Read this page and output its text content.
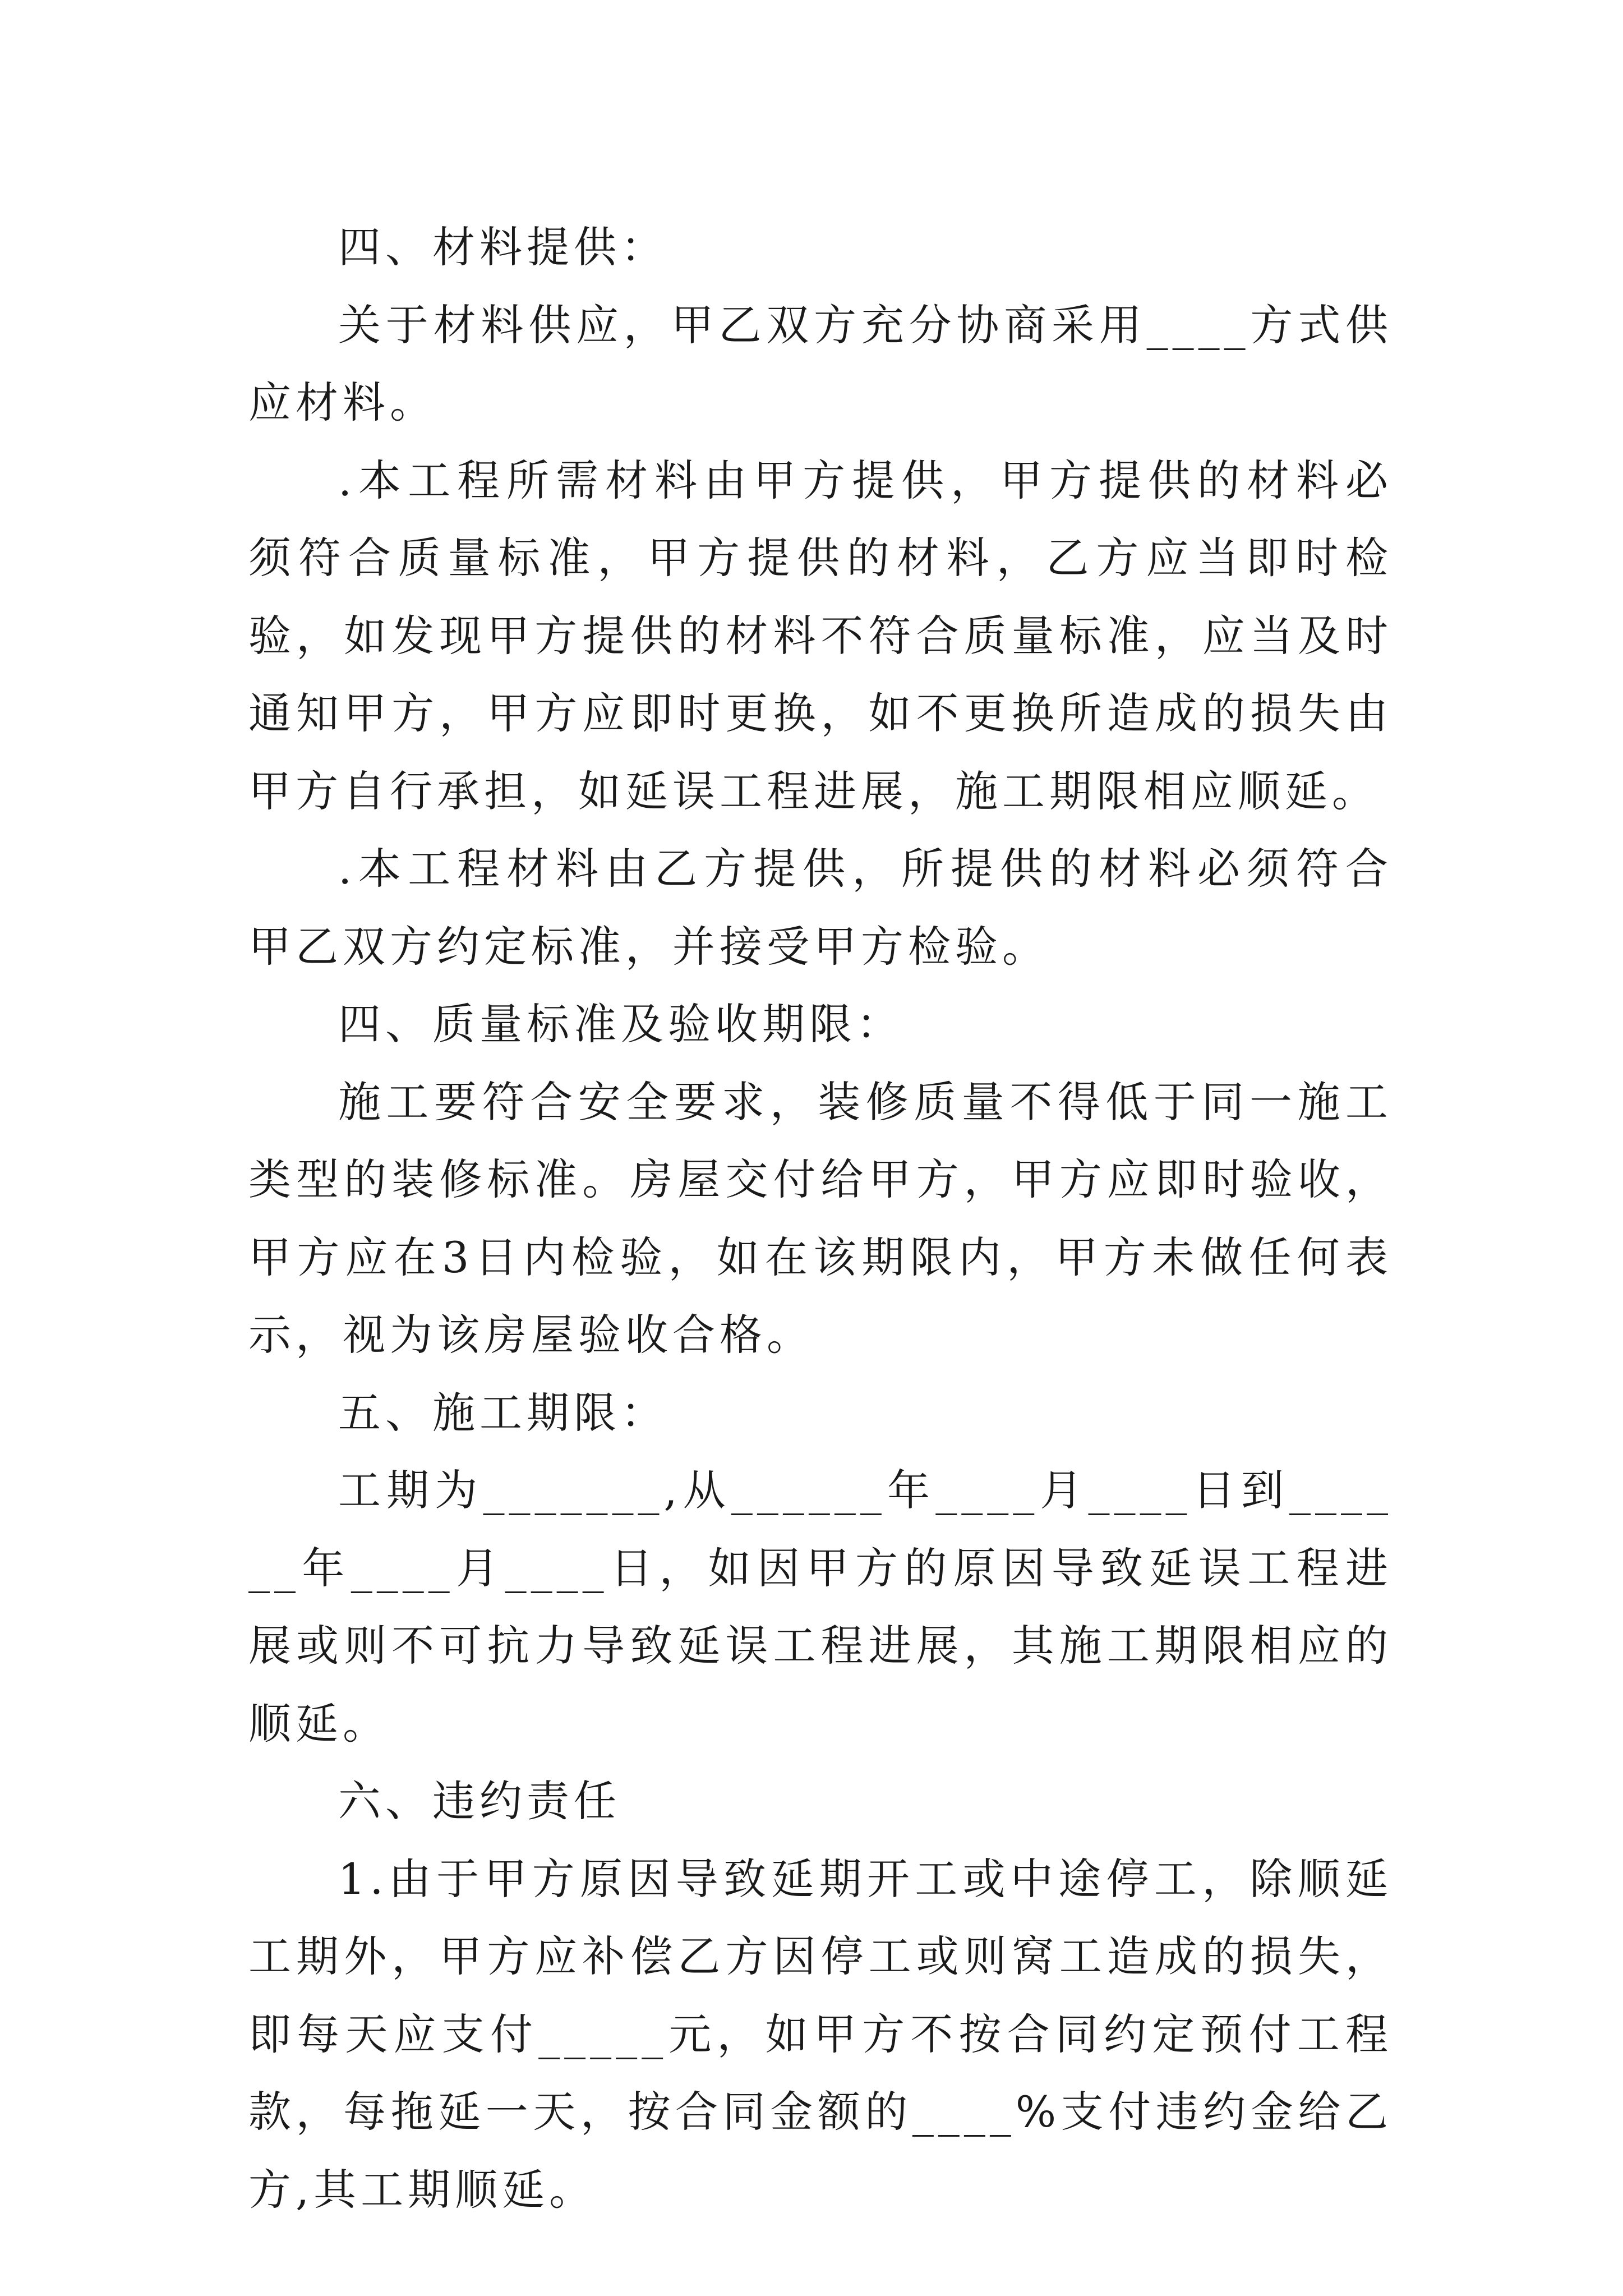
四、材料提供：

关于材料供应，甲乙双方充分协商采用____方式供应材料。

.本工程所需材料由甲方提供，甲方提供的材料必须符合质量标准，甲方提供的材料，乙方应当即时检验，如发现甲方提供的材料不符合质量标准，应当及时通知甲方，甲方应即时更换，如不更换所造成的损失由甲方自行承担，如延误工程进展，施工期限相应顺延。

.本工程材料由乙方提供，所提供的材料必须符合甲乙双方约定标准，并接受甲方检验。

四、质量标准及验收期限：

施工要符合安全要求，装修质量不得低于同一施工类型的装修标准。房屋交付给甲方，甲方应即时验收，甲方应在3日内检验，如在该期限内，甲方未做任何表示，视为该房屋验收合格。

五、施工期限：

工期为_______,从______年____月____日到______年____月____日，如因甲方的原因导致延误工程进展或则不可抗力导致延误工程进展，其施工期限相应的顺延。

六、违约责任

1.由于甲方原因导致延期开工或中途停工，除顺延工期外，甲方应补偿乙方因停工或则窝工造成的损失，即每天应支付_____元，如甲方不按合同约定预付工程款，每拖延一天，按合同金额的____%支付违约金给乙方,其工期顺延。
